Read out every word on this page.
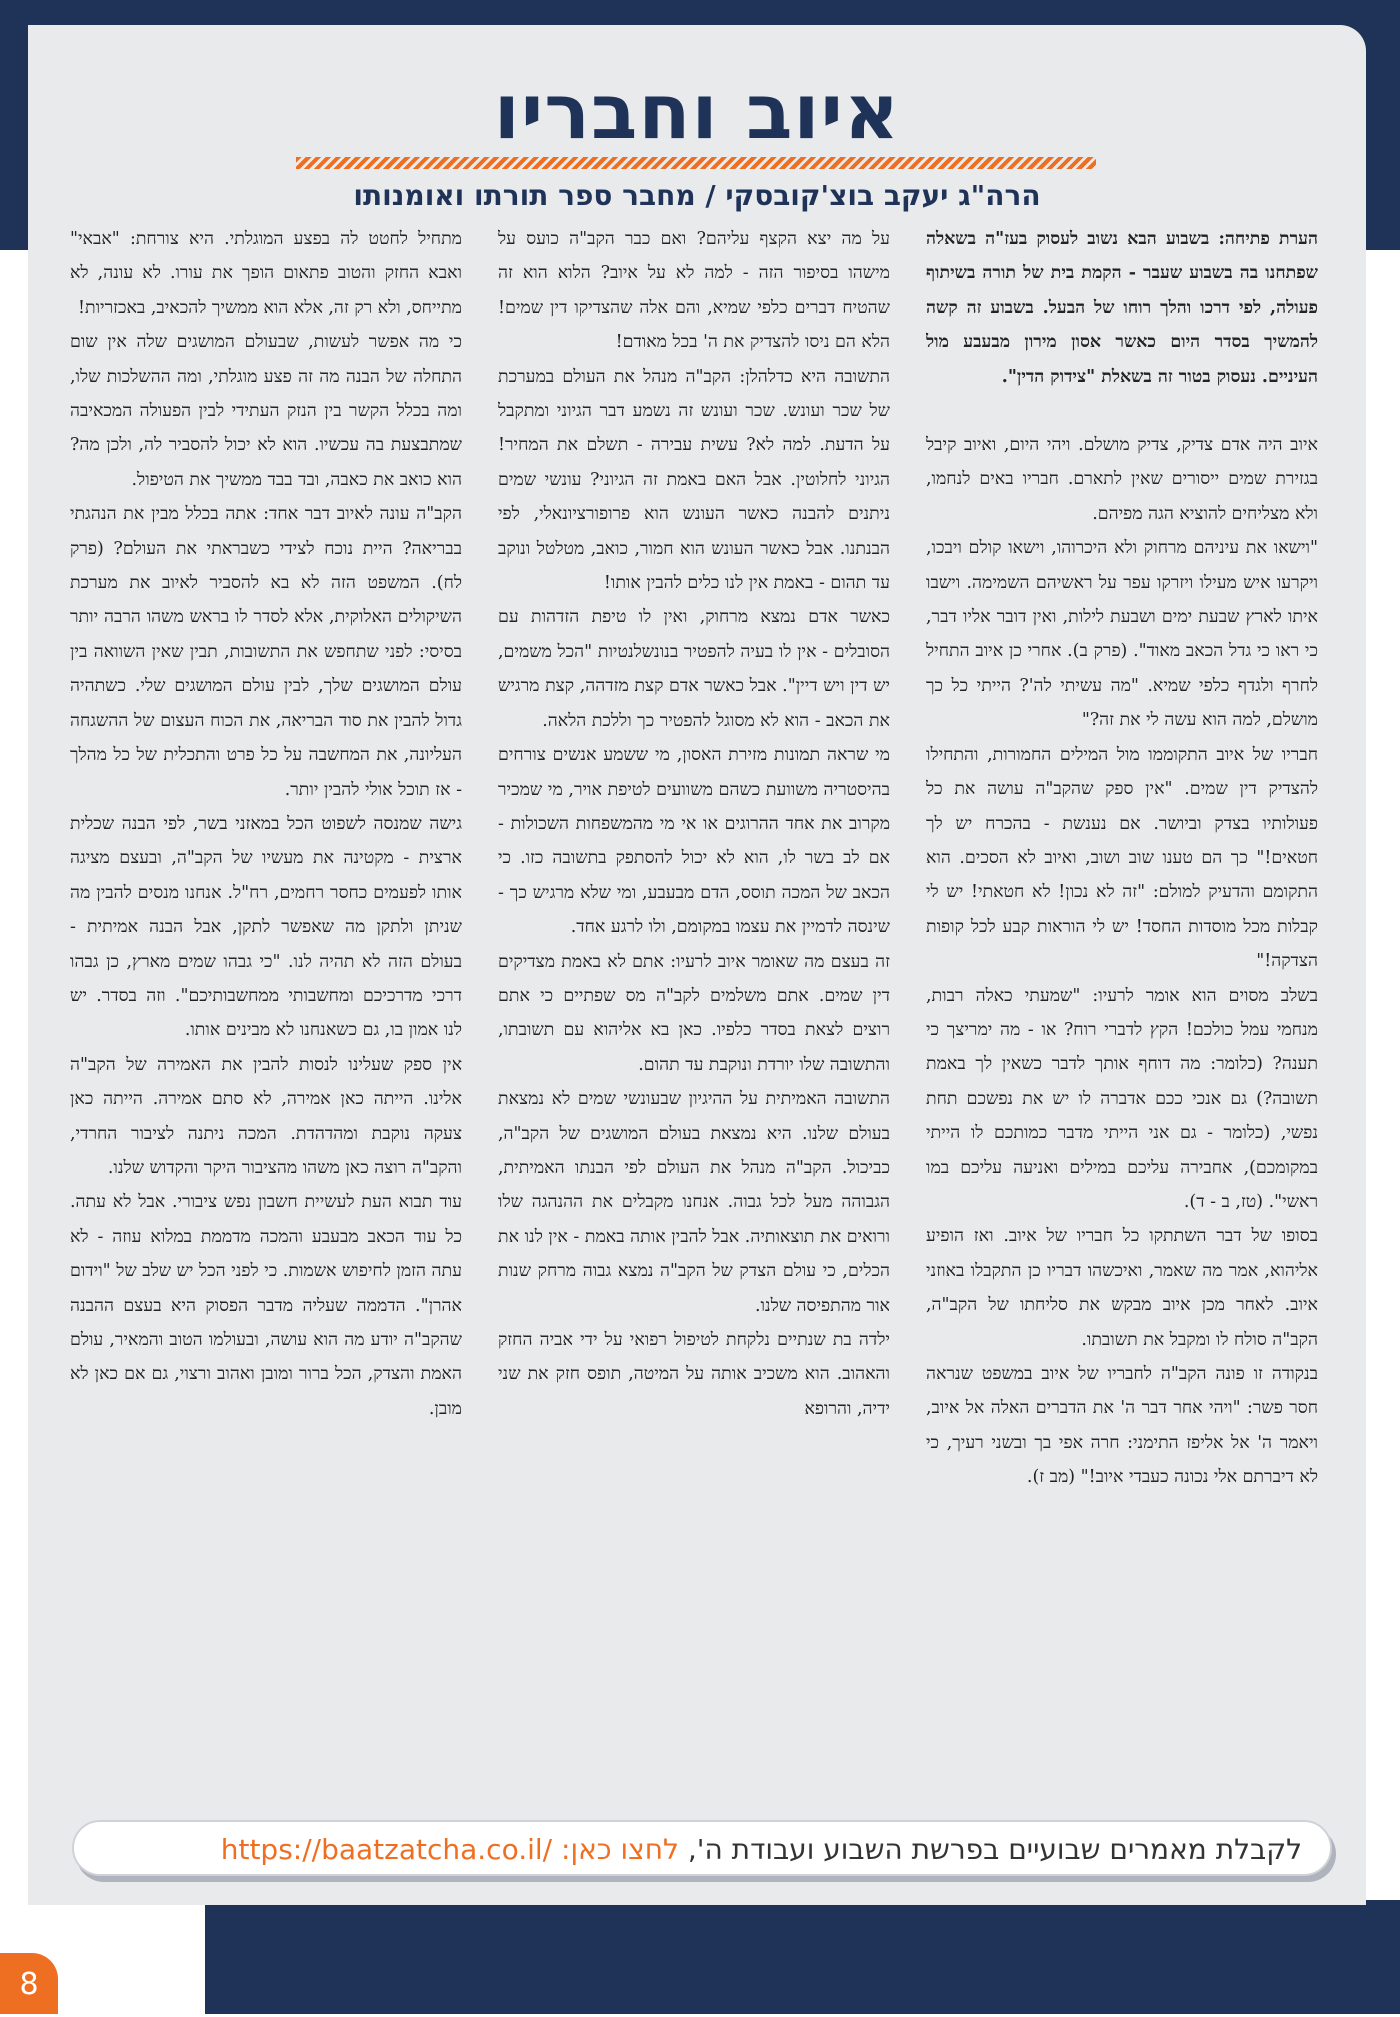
איוב וחבריו
הרה"ג יעקב בוצ'קובסקי / מחבר ספר תורתו ואומנותו

הערת פתיחה: בשבוע הבא נשוב לעסוק בעז"ה בשאלה שפתחנו בה בשבוע שעבר - הקמת בית של תורה בשיתוף פעולה, לפי דרכו והלך רוחו של הבעל. בשבוע זה קשה להמשיך בסדר היום כאשר אסון מירון מבעבע מול העיניים. נעסוק בטור זה בשאלת "צידוק הדין".

איוב היה אדם צדיק, צדיק מושלם. ויהי היום, ואיוב קיבל בגזירת שמים ייסורים שאין לתארם. חבריו באים לנחמו, ולא מצליחים להוציא הגה מפיהם.

"וישאו את עיניהם מרחוק ולא היכרוהו, וישאו קולם ויבכו, ויקרעו איש מעילו ויזרקו עפר על ראשיהם השמימה. וישבו איתו לארץ שבעת ימים ושבעת לילות, ואין דובר אליו דבר, כי ראו כי גדל הכאב מאוד". (פרק ב). אחרי כן איוב התחיל לחרף ולגדף כלפי שמיא. "מה עשיתי לה'? הייתי כל כך מושלם, למה הוא עשה לי את זה?"

חבריו של איוב התקוממו מול המילים החמורות, והתחילו להצדיק דין שמים. "אין ספק שהקב"ה עושה את כל פעולותיו בצדק וביושר. אם נענשת - בהכרח יש לך חטאים!" כך הם טענו שוב ושוב, ואיוב לא הסכים. הוא התקומם והדעיק למולם: "זה לא נכון! לא חטאתי! יש לי קבלות מכל מוסדות החסד! יש לי הוראות קבע לכל קופות הצדקה!"

בשלב מסוים הוא אומר לרעיו: "שמעתי כאלה רבות, מנחמי עמל כולכם! הקץ לדברי רוח? או - מה ימריצך כי תענה? (כלומר: מה דוחף אותך לדבר כשאין לך באמת תשובה?) גם אנכי ככם אדברה לו יש את נפשכם תחת נפשי, (כלומר - גם אני הייתי מדבר כמותכם לו הייתי במקומכם), אחבירה עליכם במילים ואניעה עליכם במו ראשי". (טז, ב - ד).

בסופו של דבר השתתקו כל חבריו של איוב. ואז הופיע אליהוא, אמר מה שאמר, ואיכשהו דבריו כן התקבלו באוזני איוב. לאחר מכן איוב מבקש את סליחתו של הקב"ה, הקב"ה סולח לו ומקבל את תשובתו.

בנקודה זו פונה הקב"ה לחבריו של איוב במשפט שנראה חסר פשר: "ויהי אחר דבר ה' את הדברים האלה אל איוב, ויאמר ה' אל אליפז התימני: חרה אפי בך ובשני רעיך, כי לא דיברתם אלי נכונה כעבדי איוב!" (מב ז).

על מה יצא הקצף עליהם? ואם כבר הקב"ה כועס על מישהו בסיפור הזה - למה לא על איוב? הלוא הוא זה שהטיח דברים כלפי שמיא, והם אלה שהצדיקו דין שמים! הלא הם ניסו להצדיק את ה' בכל מאודם!

התשובה היא כדלהלן: הקב"ה מנהל את העולם במערכת של שכר ועונש. שכר ועונש זה נשמע דבר הגיוני ומתקבל על הדעת. למה לא? עשית עבירה - תשלם את המחיר! הגיוני לחלוטין. אבל האם באמת זה הגיוני? עונשי שמים ניתנים להבנה כאשר העונש הוא פרופורציונאלי, לפי הבנתנו. אבל כאשר העונש הוא חמור, כואב, מטלטל ונוקב עד תהום - באמת אין לנו כלים להבין אותו!

כאשר אדם נמצא מרחוק, ואין לו טיפת הזדהות עם הסובלים - אין לו בעיה להפטיר בנונשלנטיות "הכל משמים, יש דין ויש דיין". אבל כאשר אדם קצת מזדהה, קצת מרגיש את הכאב - הוא לא מסוגל להפטיר כך וללכת הלאה.

מי שראה תמונות מזירת האסון, מי ששמע אנשים צורחים בהיסטריה משוועת כשהם משוועים לטיפת אויר, מי שמכיר מקרוב את אחד ההרוגים או אי מי מהמשפחות השכולות - אם לב בשר לו, הוא לא יכול להסתפק בתשובה כזו. כי הכאב של המכה תוסס, הדם מבעבע, ומי שלא מרגיש כך - שינסה לדמיין את עצמו במקומם, ולו לרגע אחד.

זה בעצם מה שאומר איוב לרעיו: אתם לא באמת מצדיקים דין שמים. אתם משלמים לקב"ה מס שפתיים כי אתם רוצים לצאת בסדר כלפיו. כאן בא אליהוא עם תשובתו, והתשובה שלו יורדת ונוקבת עד תהום.

התשובה האמיתית על ההיגיון שבעונשי שמים לא נמצאת בעולם שלנו. היא נמצאת בעולם המושגים של הקב"ה, כביכול. הקב"ה מנהל את העולם לפי הבנתו האמיתית, הגבוהה מעל לכל גבוה. אנחנו מקבלים את ההנהגה שלו ורואים את תוצאותיה. אבל להבין אותה באמת - אין לנו את הכלים, כי עולם הצדק של הקב"ה נמצא גבוה מרחק שנות אור מהתפיסה שלנו.

ילדה בת שנתיים נלקחת לטיפול רפואי על ידי אביה החזק והאהוב. הוא משכיב אותה על המיטה, תופס חזק את שני ידיה, והרופא

מתחיל לחטט לה בפצע המוגלתי. היא צורחת: "אבאי" ואבא החזק והטוב פתאום הופך את עורו. לא עונה, לא מתייחס, ולא רק זה, אלא הוא ממשיך להכאיב, באכזריות!

כי מה אפשר לעשות, שבעולם המושגים שלה אין שום התחלה של הבנה מה זה פצע מוגלתי, ומה ההשלכות שלו, ומה בכלל הקשר בין הנזק העתידי לבין הפעולה המכאיבה שמתבצעת בה עכשיו. הוא לא יכול להסביר לה, ולכן מה? הוא כואב את כאבה, ובד בבד ממשיך את הטיפול.

הקב"ה עונה לאיוב דבר אחד: אתה בכלל מבין את הנהגתי בבריאה? היית נוכח לצידי כשבראתי את העולם? (פרק לח). המשפט הזה לא בא להסביר לאיוב את מערכת השיקולים האלוקית, אלא לסדר לו בראש משהו הרבה יותר בסיסי: לפני שתחפש את התשובות, תבין שאין השוואה בין עולם המושגים שלך, לבין עולם המושגים שלי. כשתהיה גדול להבין את סוד הבריאה, את הכוח העצום של ההשגחה העליונה, את המחשבה על כל פרט והתכלית של כל מהלך - אז תוכל אולי להבין יותר.

גישה שמנסה לשפוט הכל במאזני בשר, לפי הבנה שכלית ארצית - מקטינה את מעשיו של הקב"ה, ובעצם מציגה אותו לפעמים כחסר רחמים, רח"ל. אנחנו מנסים להבין מה שניתן ולתקן מה שאפשר לתקן, אבל הבנה אמיתית - בעולם הזה לא תהיה לנו. "כי גבהו שמים מארץ, כן גבהו דרכי מדרכיכם ומחשבותי ממחשבותיכם". וזה בסדר. יש לנו אמון בו, גם כשאנחנו לא מבינים אותו.

אין ספק שעלינו לנסות להבין את האמירה של הקב"ה אלינו. הייתה כאן אמירה, לא סתם אמירה. הייתה כאן צעקה נוקבת ומהדהדת. המכה ניתנה לציבור החרדי, והקב"ה רוצה כאן משהו מהציבור היקר והקדוש שלנו.

עוד תבוא העת לעשיית חשבון נפש ציבורי. אבל לא עתה. כל עוד הכאב מבעבע והמכה מדממת במלוא עוזה - לא עתה הזמן לחיפוש אשמות. כי לפני הכל יש שלב של "וידום אהרן". הדממה שעליה מדבר הפסוק היא בעצם ההבנה שהקב"ה יודע מה הוא עושה, ובעולמו הטוב והמאיר, עולם האמת והצדק, הכל ברור ומובן ואהוב ורצוי, גם אם כאן לא מובן.

לקבלת מאמרים שבועיים בפרשת השבוע ועבודת ה', לחצו כאן: https://baatzatcha.co.il/
8
